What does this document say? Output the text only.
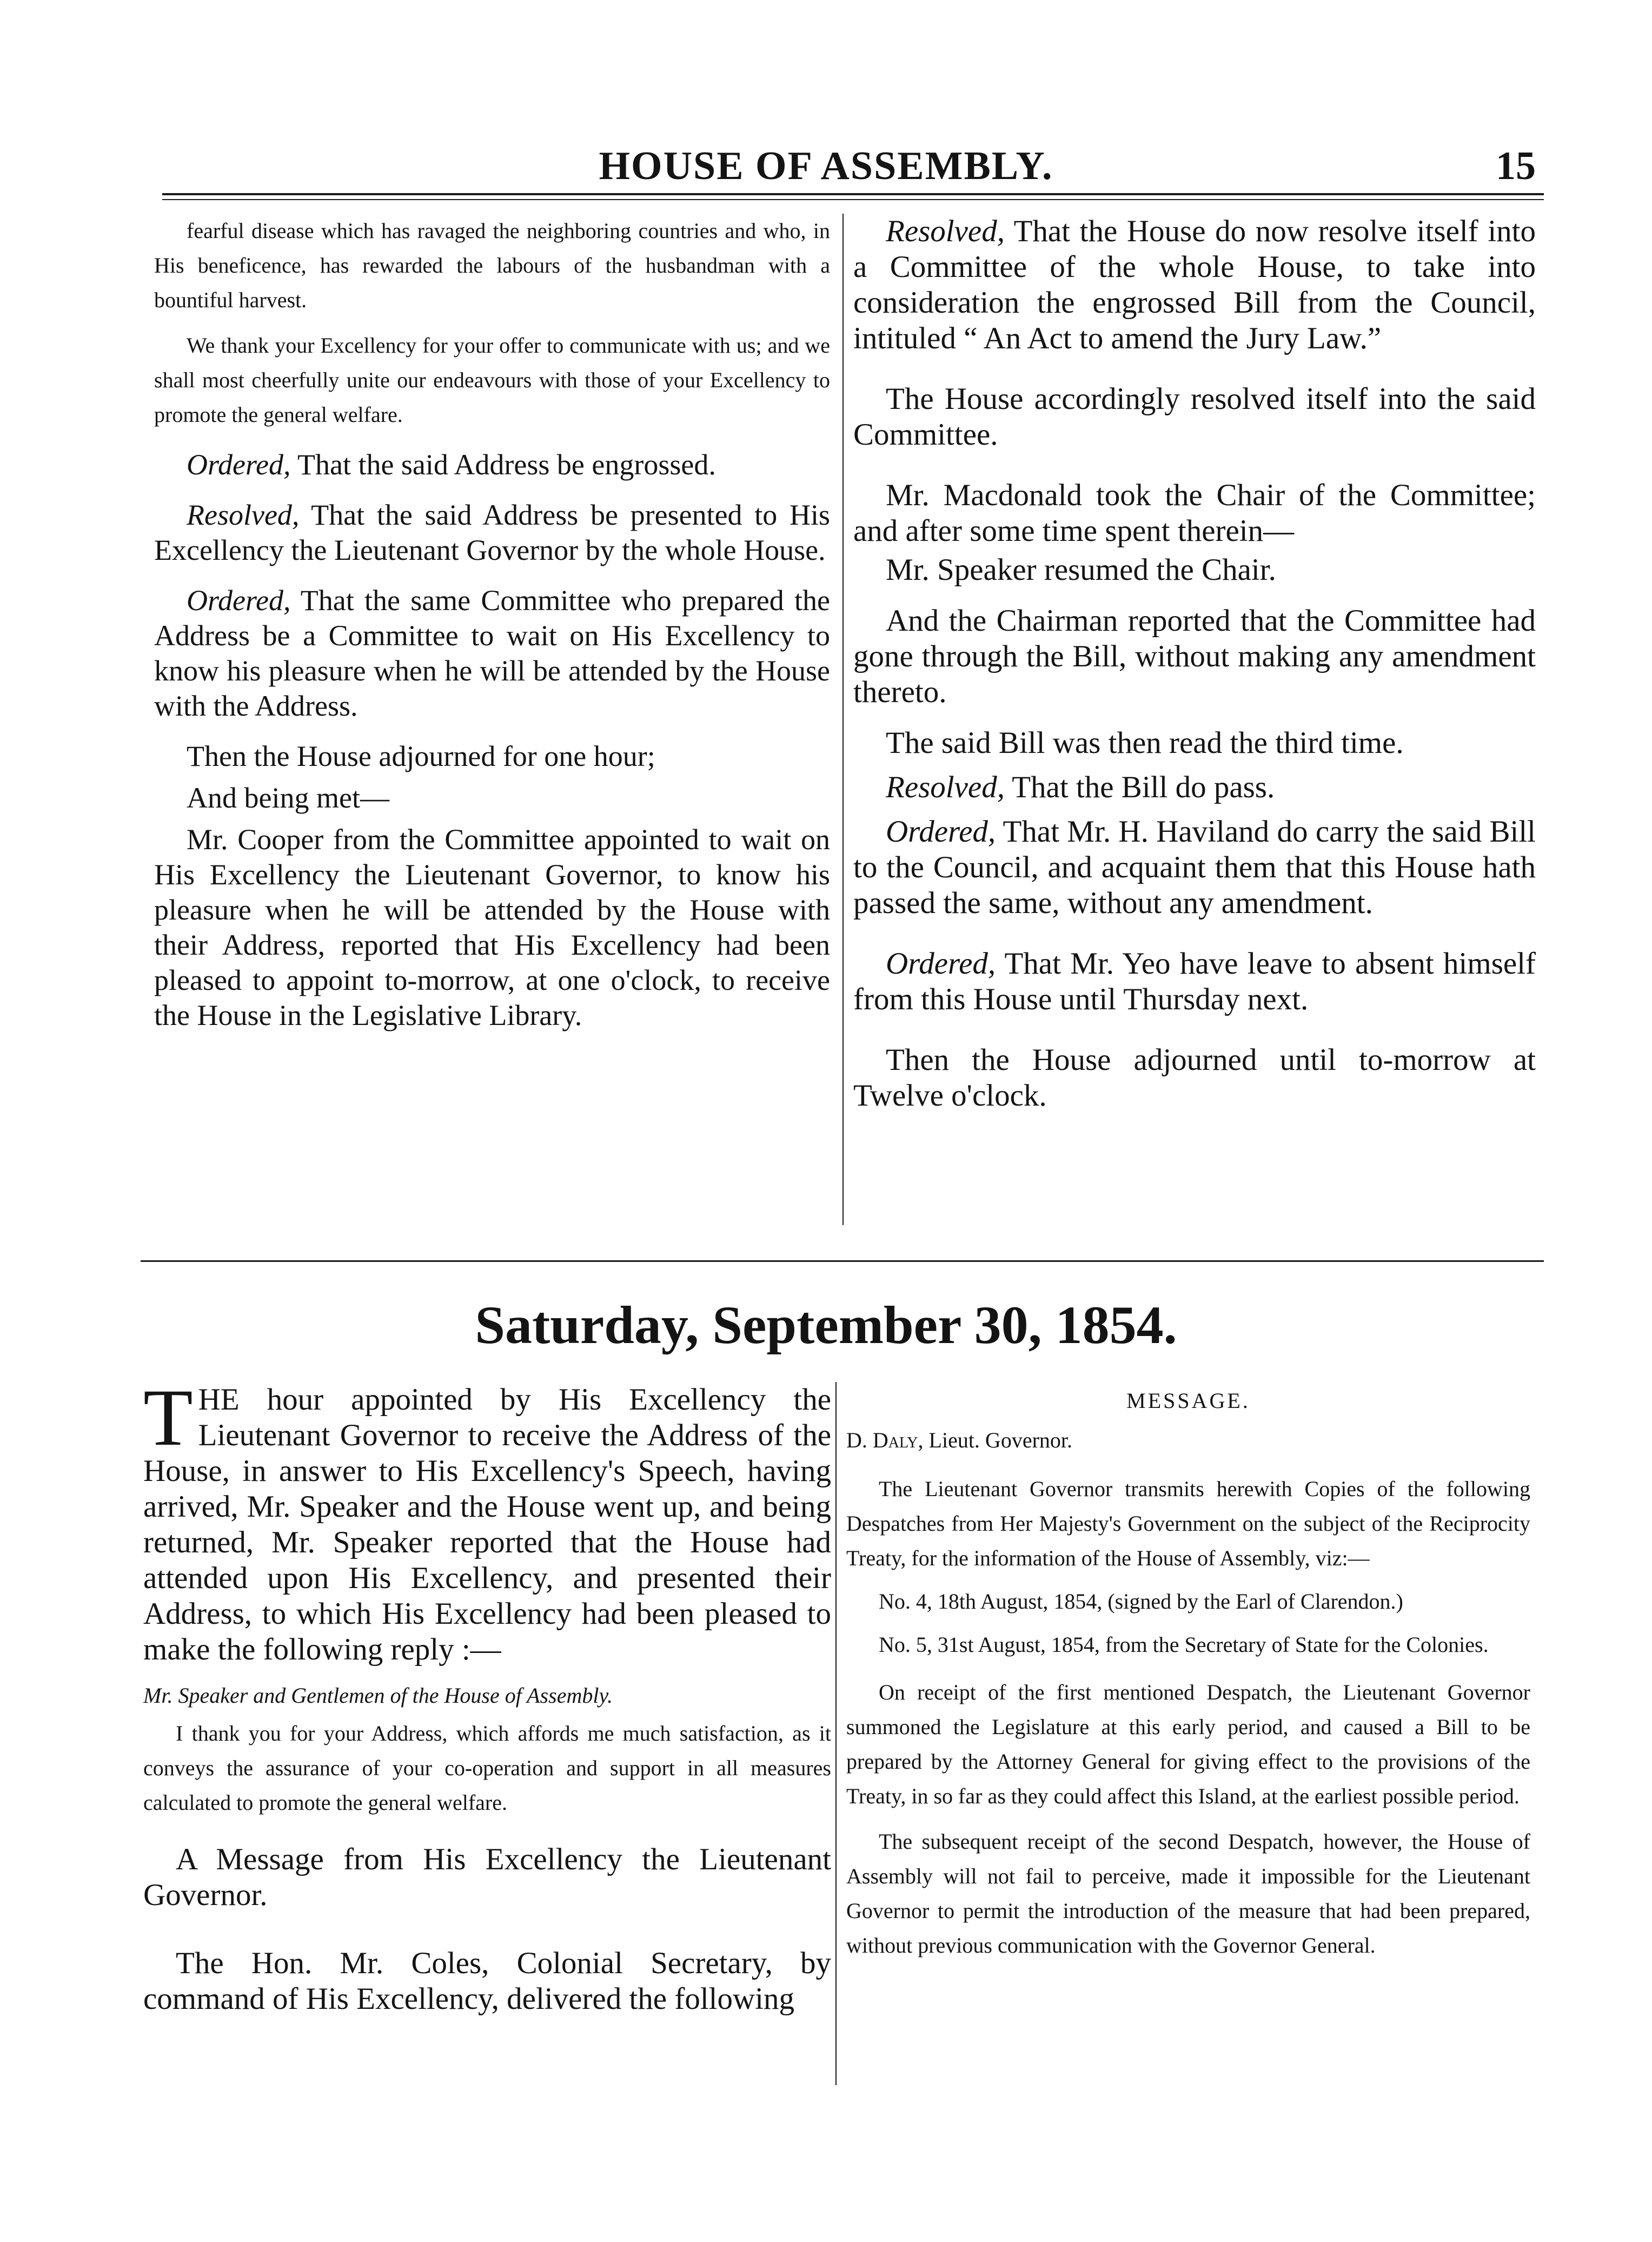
HOUSE OF ASSEMBLY.	15

fearful disease which has ravaged the neighboring countries and who, in His beneficence, has rewarded the labours of the husbandman with a bountiful harvest.

We thank your Excellency for your offer to communicate with us; and we shall most cheerfully unite our endeavours with those of your Excellency to promote the general welfare.

Ordered, That the said Address be engrossed.

Resolved, That the said Address be presented to His Excellency the Lieutenant Governor by the whole House.

Ordered, That the same Committee who prepared the Address be a Committee to wait on His Excellency to know his pleasure when he will be attended by the House with the Address.

Then the House adjourned for one hour;

And being met—

Mr. Cooper from the Committee appointed to wait on His Excellency the Lieutenant Governor, to know his pleasure when he will be attended by the House with their Address, reported that His Excellency had been pleased to appoint to-morrow, at one o'clock, to receive the House in the Legislative Library.

Resolved, That the House do now resolve itself into a Committee of the whole House, to take into consideration the engrossed Bill from the Council, intituled “ An Act to amend the Jury Law.”

The House accordingly resolved itself into the said Committee.

Mr. Macdonald took the Chair of the Committee; and after some time spent therein—

Mr. Speaker resumed the Chair.

And the Chairman reported that the Committee had gone through the Bill, without making any amendment thereto.

The said Bill was then read the third time.

Resolved, That the Bill do pass.

Ordered, That Mr. H. Haviland do carry the said Bill to the Council, and acquaint them that this House hath passed the same, without any amendment.

Ordered, That Mr. Yeo have leave to absent himself from this House until Thursday next.

Then the House adjourned until to-morrow at Twelve o'clock.

Saturday, September 30, 1854.

THE hour appointed by His Excellency the Lieutenant Governor to receive the Address of the House, in answer to His Excellency's Speech, having arrived, Mr. Speaker and the House went up, and being returned, Mr. Speaker reported that the House had attended upon His Excellency, and presented their Address, to which His Excellency had been pleased to make the following reply :—

Mr. Speaker and Gentlemen of the House of Assembly.

I thank you for your Address, which affords me much satisfaction, as it conveys the assurance of your co-operation and support in all measures calculated to promote the general welfare.

A Message from His Excellency the Lieutenant Governor.

The Hon. Mr. Coles, Colonial Secretary, by command of His Excellency, delivered the following

MESSAGE.

D. Daly, Lieut. Governor.

The Lieutenant Governor transmits herewith Copies of the following Despatches from Her Majesty's Government on the subject of the Reciprocity Treaty, for the information of the House of Assembly, viz:—

No. 4, 18th August, 1854, (signed by the Earl of Clarendon.)

No. 5, 31st August, 1854, from the Secretary of State for the Colonies.

On receipt of the first mentioned Despatch, the Lieutenant Governor summoned the Legislature at this early period, and caused a Bill to be prepared by the Attorney General for giving effect to the provisions of the Treaty, in so far as they could affect this Island, at the earliest possible period.

The subsequent receipt of the second Despatch, however, the House of Assembly will not fail to perceive, made it impossible for the Lieutenant Governor to permit the introduction of the measure that had been prepared, without previous communication with the Governor General.
